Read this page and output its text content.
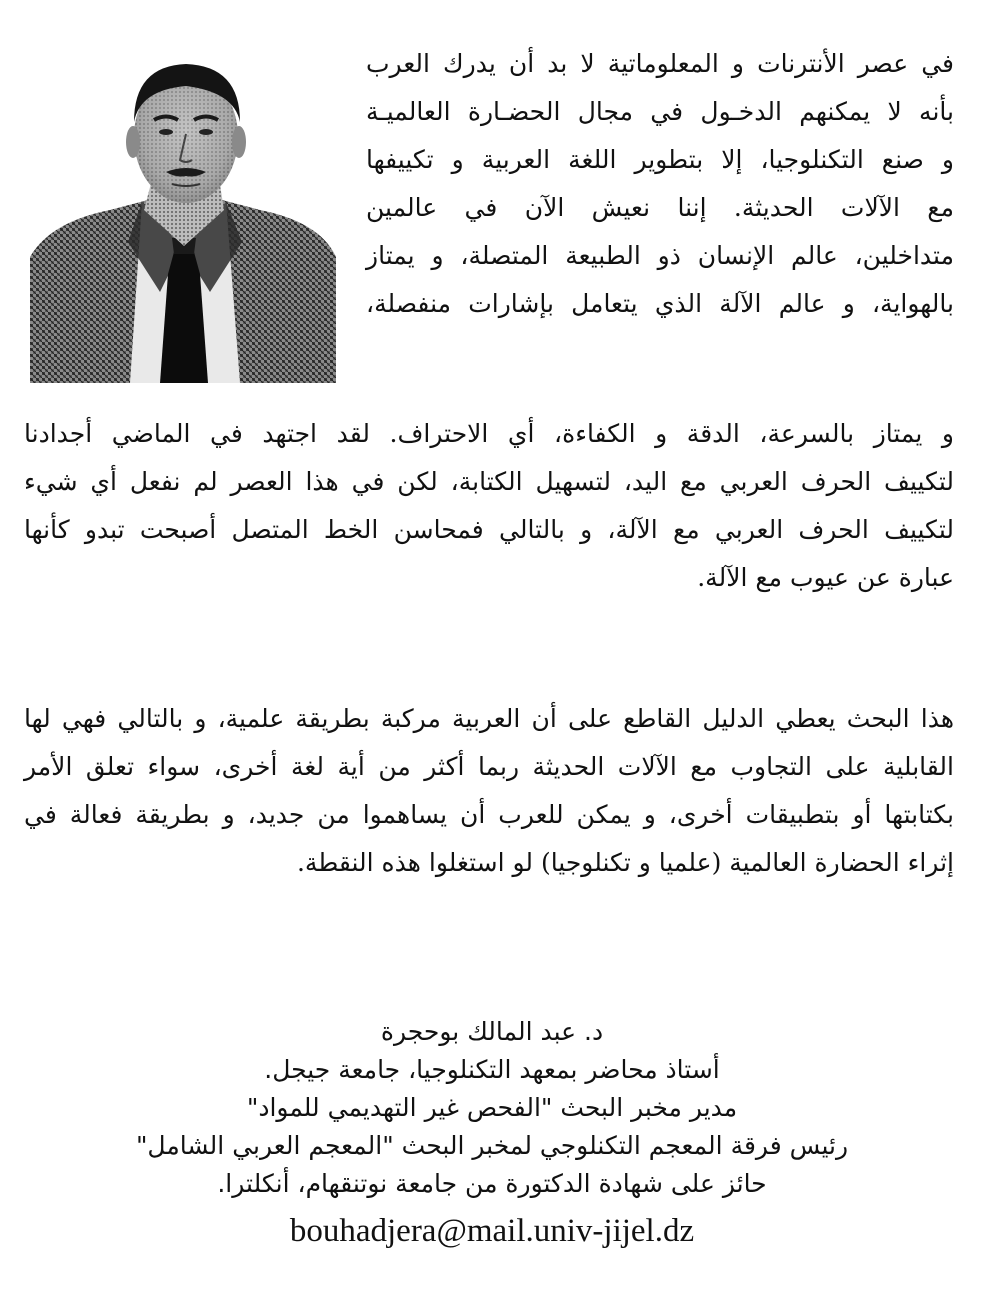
في عصر الأنترنات و المعلوماتية لا بد أن يدرك العرب
بأنه لا يمكنهم الدخـول في مجال الحضـارة العالميـة
و صنع التكنلوجيا، إلا بتطوير اللغة العربية و تكييفها
مع الآلات الحديثة. إننا نعيش الآن في عالمين
متداخلين، عالم الإنسان ذو الطبيعة المتصلة، و يمتاز
بالهواية، و عالم الآلة الذي يتعامل بإشارات منفصلة،
و يمتاز بالسرعة، الدقة و الكفاءة، أي الاحتراف. لقد اجتهد في الماضي أجدادنا
لتكييف الحرف العربي مع اليد، لتسهيل الكتابة، لكن في هذا العصر لم نفعل أي شيء
لتكييف الحرف العربي مع الآلة، و بالتالي فمحاسن الخط المتصل أصبحت تبدو كأنها
عبارة عن عيوب مع الآلة.
هذا البحث يعطي الدليل القاطع على أن العربية مركبة بطريقة علمية، و بالتالي فهي لها
القابلية على التجاوب مع الآلات الحديثة ربما أكثر من أية لغة أخرى، سواء تعلق الأمر
بكتابتها أو بتطبيقات أخرى، و يمكن للعرب أن يساهموا من جديد، و بطريقة فعالة في
إثراء الحضارة العالمية (علميا و تكنلوجيا) لو استغلوا هذه النقطة.
د. عبد المالك بوحجرة
أستاذ محاضر بمعهد التكنلوجيا، جامعة جيجل.
مدير مخبر البحث "الفحص غير التهديمي للمواد"
رئيس فرقة المعجم التكنلوجي لمخبر البحث "المعجم العربي الشامل"
حائز على شهادة الدكتورة من جامعة نوتنقهام، أنكلترا.
bouhadjera@mail.univ-jijel.dz
